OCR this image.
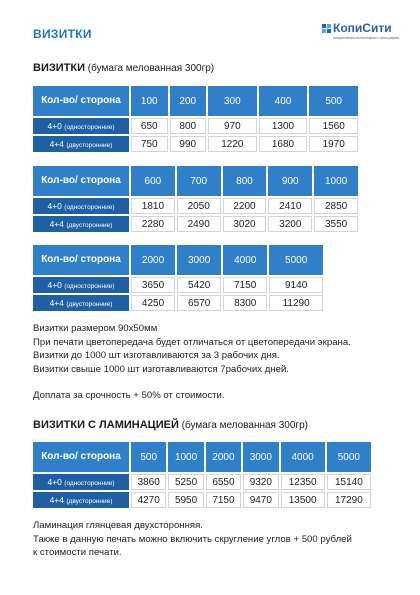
ВИЗИТКИ	КопиСити
оперативная полиграфия и типография
ВИЗИТКИ (бумага мелованная 300гр)
Кол-во/ сторона	100	200	300	400	500
4+0 (односторонние)	650	800	970	1300	1560
4+4 (двусторонние)	750	990	1220	1680	1970
Кол-во/ сторона	600	700	800	900	1000
4+0 (односторонние)	1810	2050	2200	2410	2850
4+4 (двусторонние)	2280	2490	3020	3200	3550
Кол-во/ сторона	2000	3000	4000	5000
4+0 (односторонние)	3650	5420	7150	9140
4+4 (двусторонние)	4250	6570	8300	11290

Визитки размером 90х50мм

При печати цветопередача будет отличаться от цветопередачи экрана.

Визитки до 1000 шт изготавливаются за 3 рабочих дня.

Визитки свыше 1000 шт изготавливаются 7рабочих дней.

Доплата за срочность + 50% от стоимости.

ВИЗИТКИ С ЛАМИНАЦИЕЙ (бумага мелованная 300гр)
Кол-во/ сторона	500	1000	2000	3000	4000	5000
4+0 (односторонние)	3860	5250	6550	9320	12350	15140
4+4 (двусторонние)	4270	5950	7150	9470	13500	17290

Ламинация глянцевая двухсторонняя.

Также в данную печать можно включить скругление углов + 500 рублей

к стоимости печати.
